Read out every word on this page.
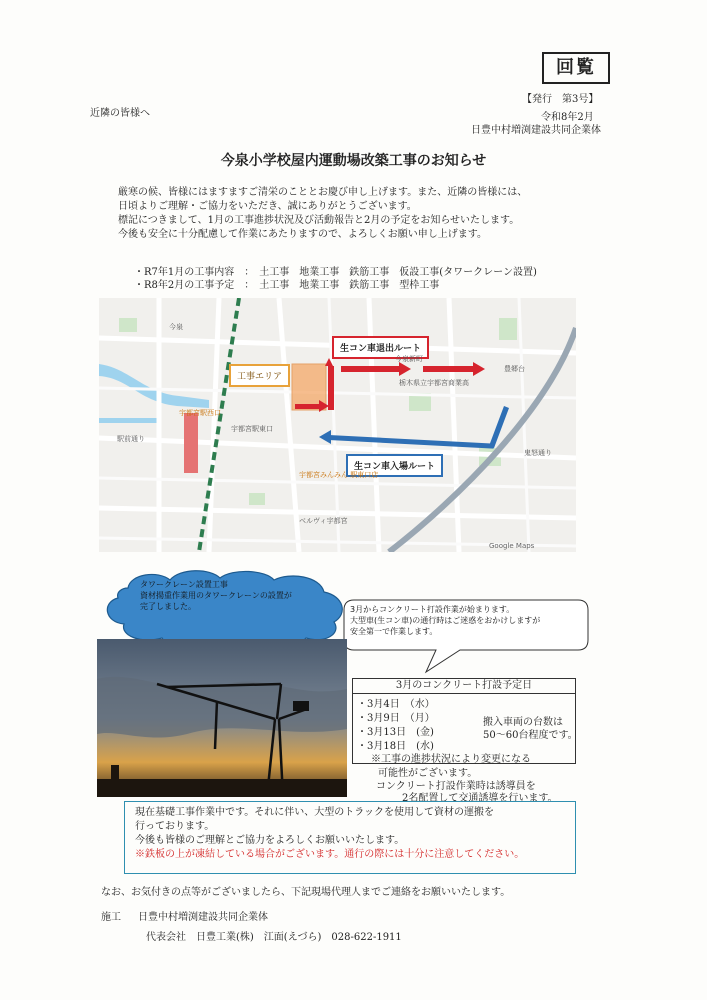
回覧
【発行　第3号】
近隣の皆様へ	令和8年2月
日豊中村増渕建設共同企業体
今泉小学校屋内運動場改築工事のお知らせ

厳寒の候、皆様にはますますご清栄のこととお慶び申し上げます。また、近隣の皆様には、

日頃よりご理解・ご協力をいただき、誠にありがとうございます。

標記につきまして、1月の工事進捗状況及び活動報告と2月の予定をお知らせいたします。

今後も安全に十分配慮して作業にあたりますので、よろしくお願い申し上げます。

・R7年1月の工事内容　：　土工事　地業工事　鉄筋工事　仮設工事(タワークレーン設置)
・R8年2月の工事予定　：　土工事　地業工事　鉄筋工事　型枠工事
工事エリア
生コン車退出ルート
生コン車入場ルート
今泉
宇都宮駅西口
宇都宮駅東口
駅前通り
宇都宮みんみん 駅東口店
ベルヴィ宇都宮
栃木県立宇都宮商業高
今泉新町
豊郷台
鬼怒通り
Google Maps
タワークレーン設置工事
資材揚重作業用のタワークレーンの設置が
完了しました。	3月からコンクリート打設作業が始まります。
大型車(生コン車)の通行時はご迷惑をおかけしますが
安全第一で作業します。
3月のコンクリート打設予定日
・3月4日　（水）
・3月9日　（月）
・3月13日　(金)
・3月18日　(水)
搬入車両の台数は
50～60台程度です。
※工事の進捗状況により変更になる
可能性がございます。
コンクリート打設作業時は誘導員を
2名配置して交通誘導を行います。
現在基礎工事作業中です。それに伴い、大型のトラックを使用して資材の運搬を
行っております。
今後も皆様のご理解とご協力をよろしくお願いいたします。
※鉄板の上が凍結している場合がございます。通行の際には十分に注意してください。
なお、お気付きの点等がございましたら、下記現場代理人までご連絡をお願いいたします。
施工 日豊中村増渕建設共同企業体
代表会社　日豊工業(株)　江面(えづら)　028-622-1911
